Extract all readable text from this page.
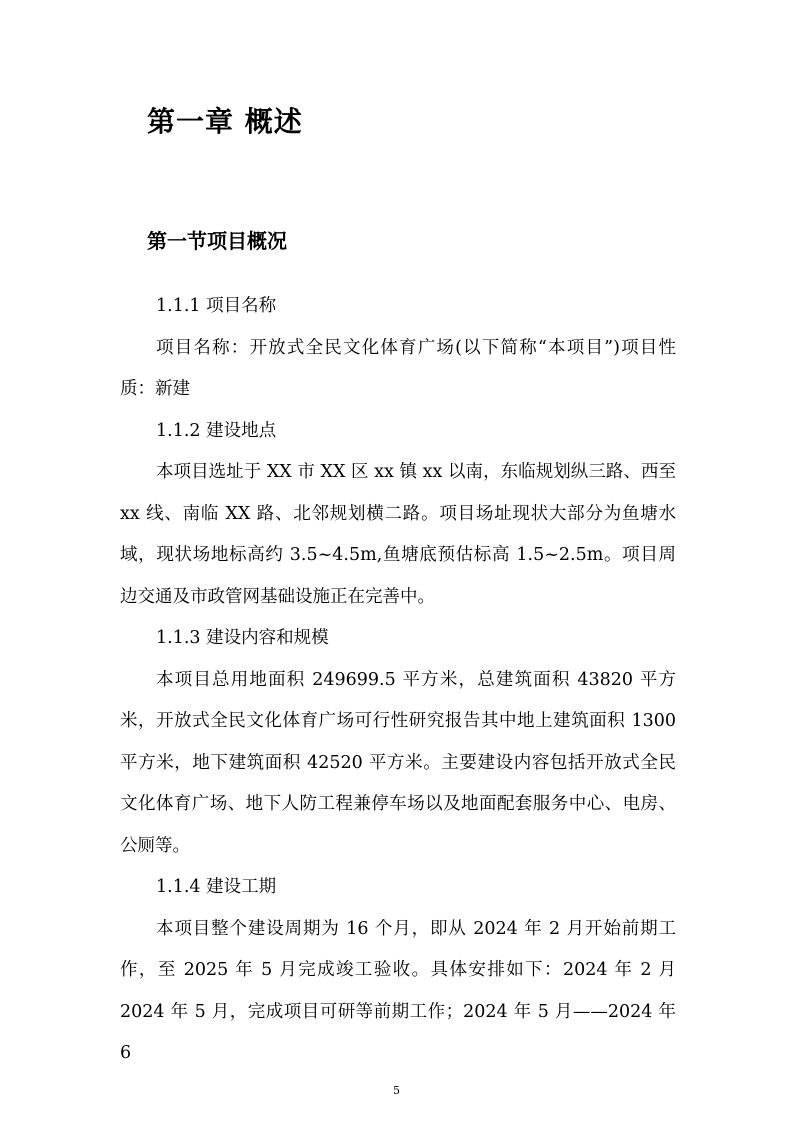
第一章 概述
第一节项目概况

1.1.1 项目名称

项目名称：开放式全民文化体育广场(以下简称“本项目”)项目性质：新建

1.1.2 建设地点

本项目选址于 XX 市 XX 区 xx 镇 xx 以南，东临规划纵三路、西至 xx 线、南临 XX 路、北邻规划横二路。项目场址现状大部分为鱼塘水域，现状场地标高约 3.5~4.5m,鱼塘底预估标高 1.5~2.5m。项目周边交通及市政管网基础设施正在完善中。

1.1.3 建设内容和规模

本项目总用地面积 249699.5 平方米，总建筑面积 43820 平方米，开放式全民文化体育广场可行性研究报告其中地上建筑面积 1300 平方米，地下建筑面积 42520 平方米。主要建设内容包括开放式全民文化体育广场、地下人防工程兼停车场以及地面配套服务中心、电房、公厕等。

1.1.4 建设工期

本项目整个建设周期为 16 个月，即从 2024 年 2 月开始前期工作，至 2025 年 5 月完成竣工验收。具体安排如下：2024 年 2 月 2024 年 5 月，完成项目可研等前期工作；2024 年 5 月——2024 年 6

5
